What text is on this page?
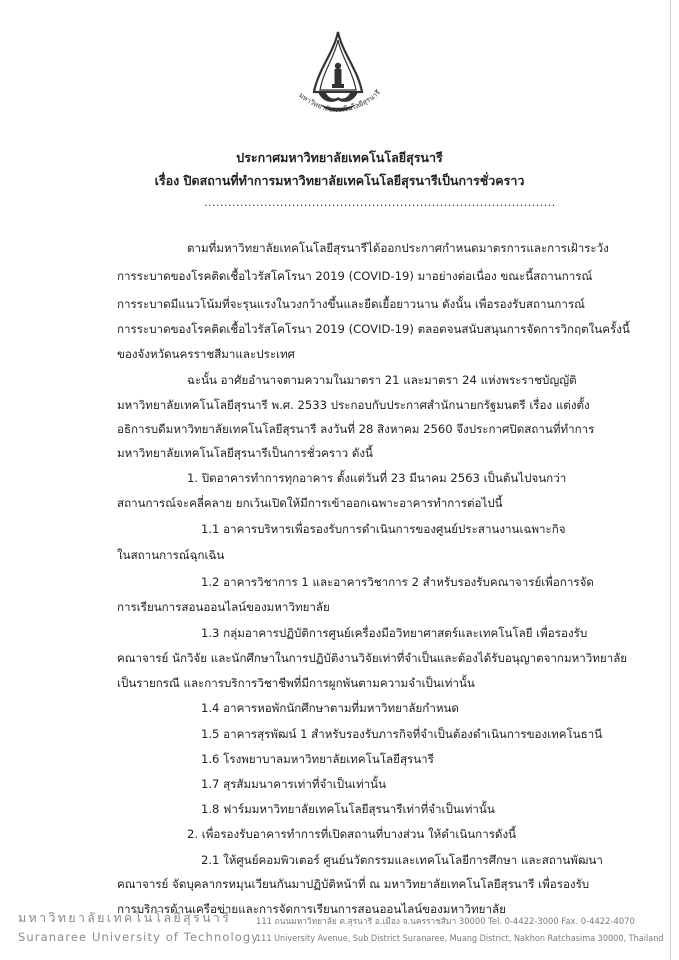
มหาวิทยาลัยเทคโนโลยีสุรนารี
ประกาศมหาวิทยาลัยเทคโนโลยีสุรนารี
เรื่อง ปิดสถานที่ทำการมหาวิทยาลัยเทคโนโลยีสุรนารีเป็นการชั่วคราว
........................................................................................
ตามที่มหาวิทยาลัยเทคโนโลยีสุรนารีได้ออกประกาศกำหนดมาตรการและการเฝ้าระวัง
การระบาดของโรคติดเชื้อไวรัสโคโรนา 2019 (COVID-19) มาอย่างต่อเนื่อง ขณะนี้สถานการณ์
การระบาดมีแนวโน้มที่จะรุนแรงในวงกว้างขึ้นและยืดเยื้อยาวนาน ดังนั้น เพื่อรองรับสถานการณ์
การระบาดของโรคติดเชื้อไวรัสโคโรนา 2019 (COVID-19) ตลอดจนสนับสนุนการจัดการวิกฤตในครั้งนี้
ของจังหวัดนครราชสีมาและประเทศ
ฉะนั้น อาศัยอำนาจตามความในมาตรา 21 และมาตรา 24 แห่งพระราชบัญญัติ
มหาวิทยาลัยเทคโนโลยีสุรนารี พ.ศ. 2533 ประกอบกับประกาศสำนักนายกรัฐมนตรี เรื่อง แต่งตั้ง
อธิการบดีมหาวิทยาลัยเทคโนโลยีสุรนารี ลงวันที่ 28 สิงหาคม 2560 จึงประกาศปิดสถานที่ทำการ
มหาวิทยาลัยเทคโนโลยีสุรนารีเป็นการชั่วคราว ดังนี้
1. ปิดอาคารทำการทุกอาคาร ตั้งแต่วันที่ 23 มีนาคม 2563 เป็นต้นไปจนกว่า
สถานการณ์จะคลี่คลาย ยกเว้นเปิดให้มีการเข้าออกเฉพาะอาคารทำการต่อไปนี้
1.1 อาคารบริหารเพื่อรองรับการดำเนินการของศูนย์ประสานงานเฉพาะกิจ
ในสถานการณ์ฉุกเฉิน
1.2 อาคารวิชาการ 1 และอาคารวิชาการ 2 สำหรับรองรับคณาจารย์เพื่อการจัด
การเรียนการสอนออนไลน์ของมหาวิทยาลัย
1.3 กลุ่มอาคารปฏิบัติการศูนย์เครื่องมือวิทยาศาสตร์และเทคโนโลยี เพื่อรองรับ
คณาจารย์ นักวิจัย และนักศึกษาในการปฏิบัติงานวิจัยเท่าที่จำเป็นและต้องได้รับอนุญาตจากมหาวิทยาลัย
เป็นรายกรณี และการบริการวิชาชีพที่มีการผูกพันตามความจำเป็นเท่านั้น
1.4 อาคารหอพักนักศึกษาตามที่มหาวิทยาลัยกำหนด
1.5 อาคารสุรพัฒน์ 1 สำหรับรองรับภารกิจที่จำเป็นต้องดำเนินการของเทคโนธานี
1.6 โรงพยาบาลมหาวิทยาลัยเทคโนโลยีสุรนารี
1.7 สุรสัมมนาคารเท่าที่จำเป็นเท่านั้น
1.8 ฟาร์มมหาวิทยาลัยเทคโนโลยีสุรนารีเท่าที่จำเป็นเท่านั้น
2. เพื่อรองรับอาคารทำการที่เปิดสถานที่บางส่วน ให้ดำเนินการดังนี้
2.1 ให้ศูนย์คอมพิวเตอร์ ศูนย์นวัตกรรมและเทคโนโลยีการศึกษา และสถานพัฒนา
คณาจารย์ จัดบุคลากรหมุนเวียนกันมาปฏิบัติหน้าที่ ณ มหาวิทยาลัยเทคโนโลยีสุรนารี เพื่อรองรับ
การบริการด้านเครือข่ายและการจัดการเรียนการสอนออนไลน์ของมหาวิทยาลัย
มหาวิทยาลัยเทคโนโลยีสุรนารี
Suranaree University of Technology
111 ถนนมหาวิทยาลัย ต.สุรนารี อ.เมือง จ.นครราชสีมา 30000 Tel. 0-4422-3000 Fax. 0-4422-4070
111 University Avenue, Sub District Suranaree, Muang District, Nakhon Ratchasima 30000, Thailand
